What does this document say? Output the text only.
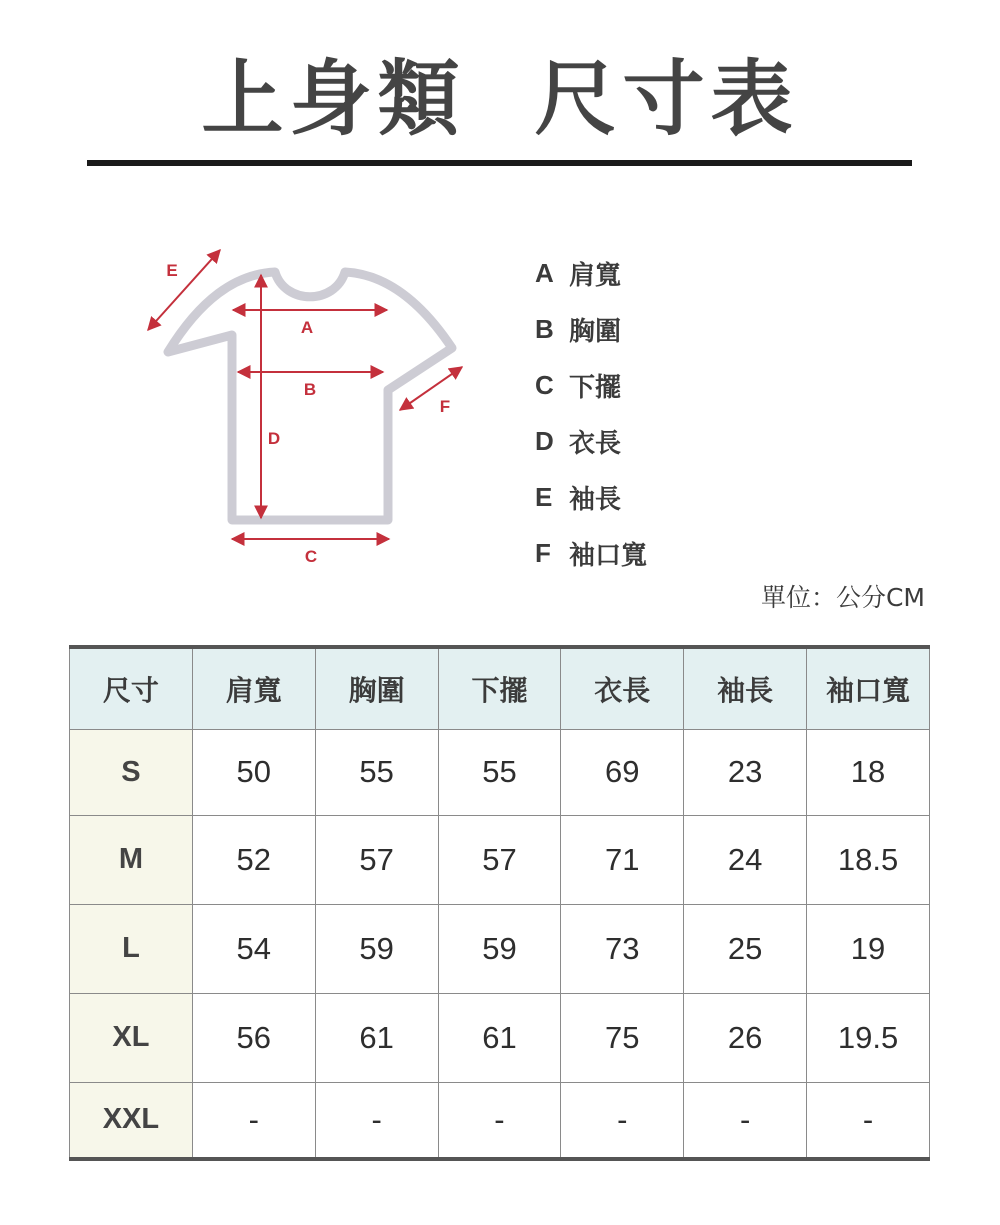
上身類  尺寸表
A
B
D
C
E
F
A 肩寬
B 胸圍
C 下擺
D 衣長
E 袖長
F 袖口寬
單位：公分CM
尺寸	肩寬	胸圍	下擺	衣長	袖長	袖口寬
S	50	55	55	69	23	18
M	52	57	57	71	24	18.5
L	54	59	59	73	25	19
XL	56	61	61	75	26	19.5
XXL	-	-	-	-	-	-
